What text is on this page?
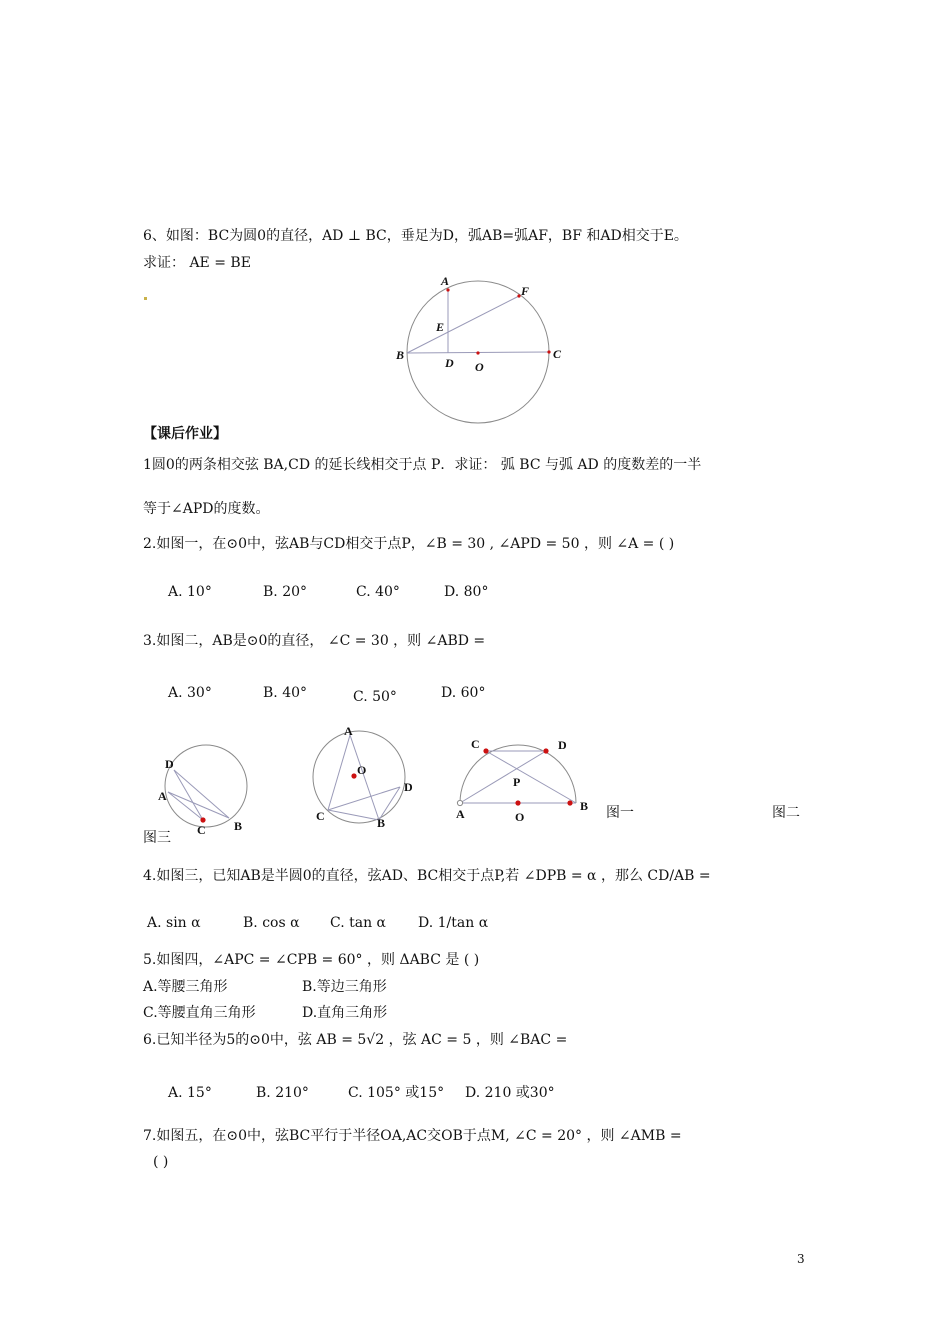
6、如图：BC为圆0的直径，AD ⊥ BC，垂足为D，弧AB=弧AF，BF 和AD相交于E。
求证： AE = BE
A
F
E
B
D O
C
【课后作业】
1圆0的两条相交弦 BA,CD 的延长线相交于点 P．求证： 弧 BC 与弧 AD 的度数差的一半
等于∠APD的度数。
2.如图一，在⊙0中，弦AB与CD相交于点P，∠B = 30 , ∠APD = 50 ，则 ∠A = ( )
A. 10°	B. 20°	C. 40°	D. 80°
3.如图二，AB是⊙0的直径， ∠C = 30 ，则 ∠ABD =
A. 30°	B. 40°	C. 50°	D. 60°
D
A
C B
A
O
D
C	B
C	D
P
A	O
B 图一	图二
图三
4.如图三，已知AB是半圆0的直径，弦AD、BC相交于点P,若 ∠DPB = α ，那么 CD/AB =
A. sin α	B. cos α C. tan α D. 1/tan α
5.如图四，∠APC = ∠CPB = 60° ，则 ΔABC 是 ( )
A.等腰三角形	B.等边三角形
C.等腰直角三角形	D.直角三角形
6.已知半径为5的⊙0中，弦 AB = 5√2 ，弦 AC = 5 ，则 ∠BAC =
A. 15°	B. 210°	C. 105° 或15° D. 210 或30°
7.如图五，在⊙0中，弦BC平行于半径OA,AC交OB于点M, ∠C = 20° ，则 ∠AMB =
( )
3
